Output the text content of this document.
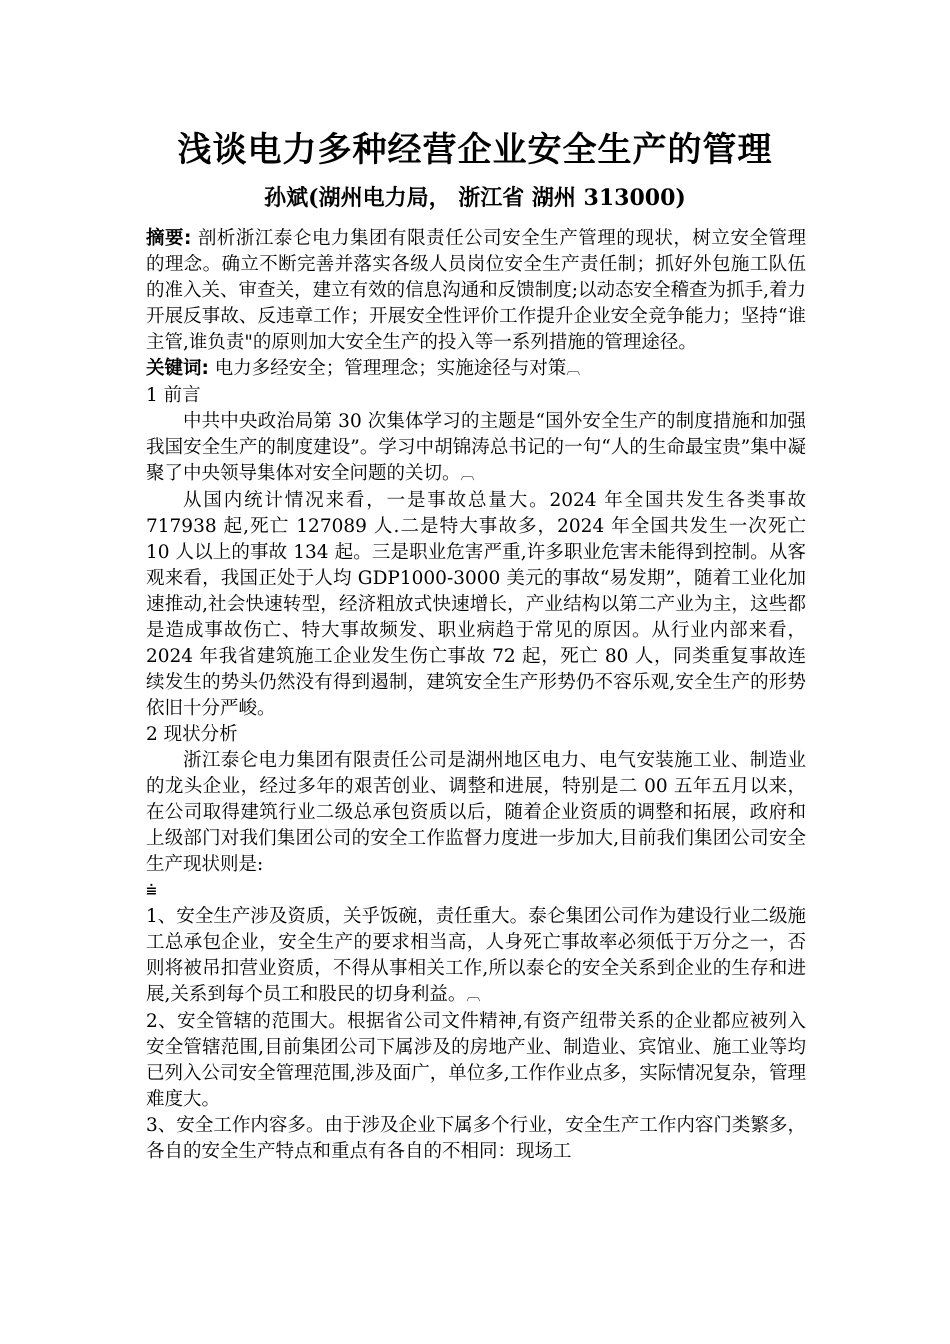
浅谈电力多种经营企业安全生产的管理
孙斌(湖州电力局， 浙江省 湖州 313000)

摘要: 剖析浙江泰仑电力集团有限责任公司安全生产管理的现状，树立安全管理的理念。确立不断完善并落实各级人员岗位安全生产责任制；抓好外包施工队伍的准入关、审查关，建立有效的信息沟通和反馈制度;以动态安全稽查为抓手,着力开展反事故、反违章工作；开展安全性评价工作提升企业安全竞争能力；坚持“谁主管,谁负责"的原则加大安全生产的投入等一系列措施的管理途径。

关键词: 电力多经安全；管理理念；实施途径与对策︹

1 前言

中共中央政治局第 30 次集体学习的主题是“国外安全生产的制度措施和加强我国安全生产的制度建设”。学习中胡锦涛总书记的一句“人的生命最宝贵”集中凝聚了中央领导集体对安全问题的关切。︹

从国内统计情况来看，一是事故总量大。2024 年全国共发生各类事故 717938 起,死亡 127089 人.二是特大事故多，2024 年全国共发生一次死亡 10 人以上的事故 134 起。三是职业危害严重,许多职业危害未能得到控制。从客观来看，我国正处于人均 GDP1000-3000 美元的事故“易发期”，随着工业化加速推动,社会快速转型，经济粗放式快速增长，产业结构以第二产业为主，这些都是造成事故伤亡、特大事故频发、职业病趋于常见的原因。从行业内部来看，2024 年我省建筑施工企业发生伤亡事故 72 起，死亡 80 人，同类重复事故连续发生的势头仍然没有得到遏制，建筑安全生产形势仍不容乐观,安全生产的形势依旧十分严峻。

2 现状分析

浙江泰仑电力集团有限责任公司是湖州地区电力、电气安装施工业、制造业的龙头企业，经过多年的艰苦创业、调整和进展，特别是二 00 五年五月以来，在公司取得建筑行业二级总承包资质以后，随着企业资质的调整和拓展，政府和上级部门对我们集团公司的安全工作监督力度进一步加大,目前我们集团公司安全生产现状则是:

⩧

1、安全生产涉及资质，关乎饭碗，责任重大。泰仑集团公司作为建设行业二级施工总承包企业，安全生产的要求相当高，人身死亡事故率必须低于万分之一，否则将被吊扣营业资质，不得从事相关工作,所以泰仑的安全关系到企业的生存和进展,关系到每个员工和股民的切身利益。︹

2、安全管辖的范围大。根据省公司文件精神,有资产纽带关系的企业都应被列入安全管辖范围,目前集团公司下属涉及的房地产业、制造业、宾馆业、施工业等均已列入公司安全管理范围,涉及面广，单位多,工作作业点多，实际情况复杂，管理难度大。

3、安全工作内容多。由于涉及企业下属多个行业，安全生产工作内容门类繁多，各自的安全生产特点和重点有各自的不相同：现场工
